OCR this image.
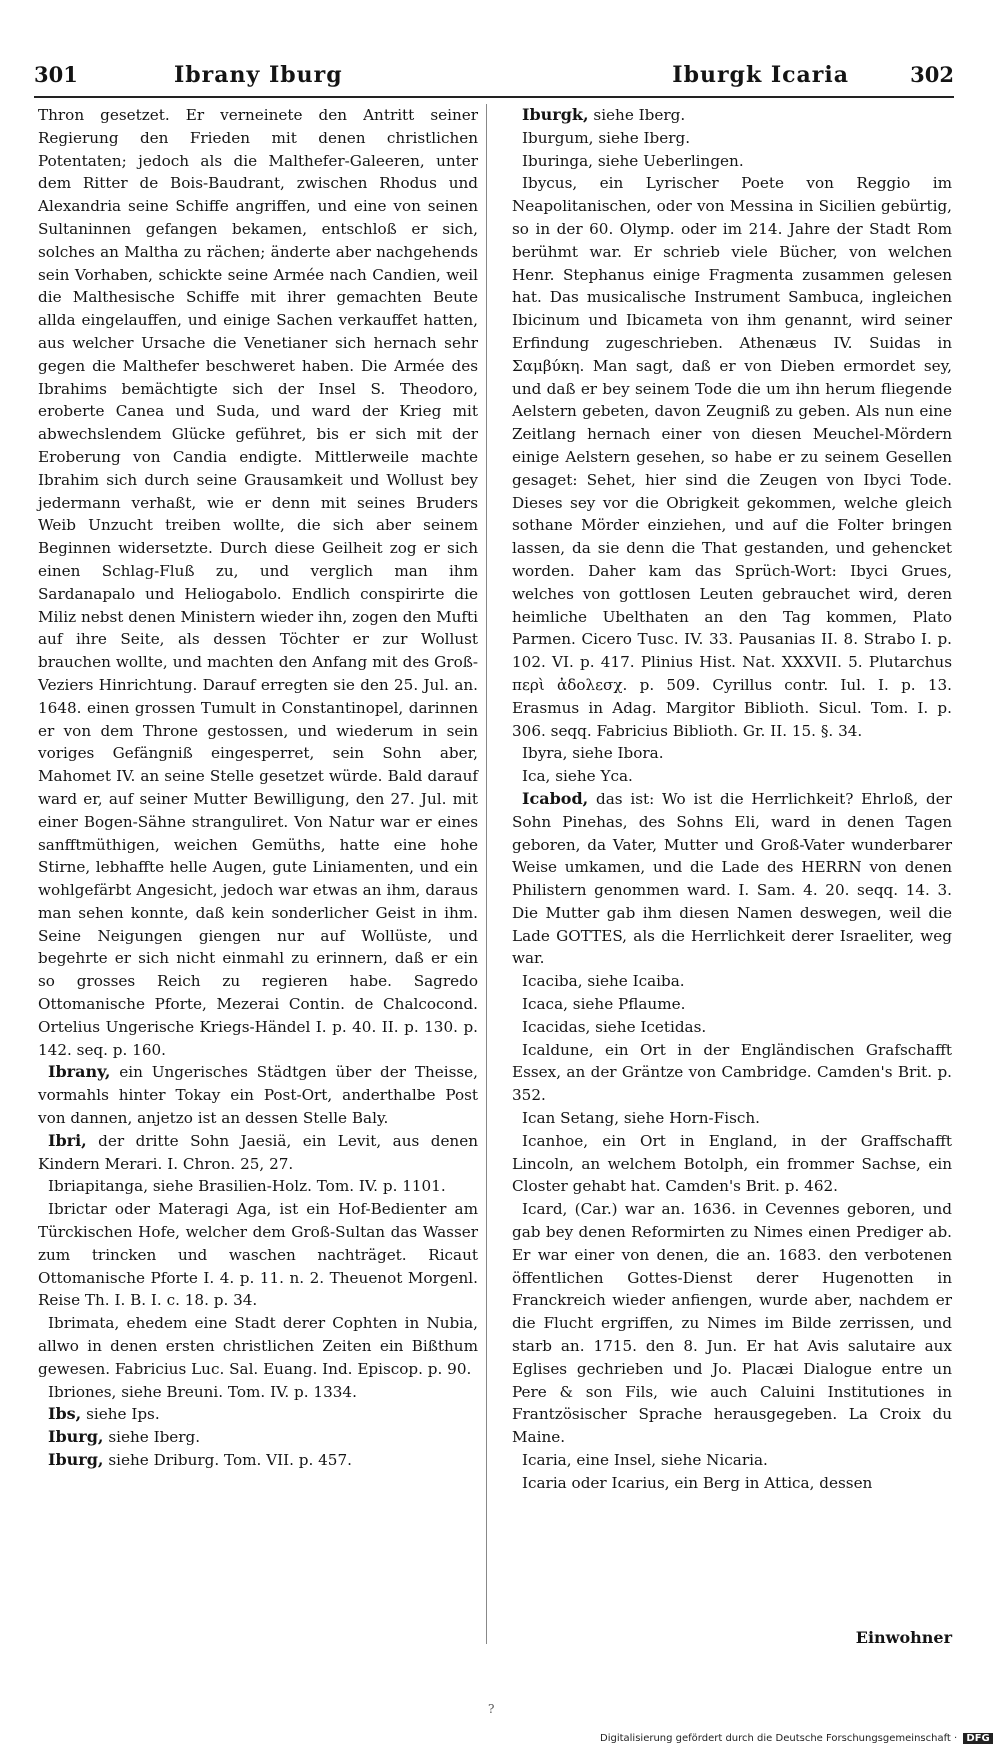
301	Ibrany Iburg	Iburgk Icaria	302

Thron gesetzet. Er verneinete den Antritt seiner Regierung den Frieden mit denen christlichen Potentaten; jedoch als die Malthefer-Galeeren, unter dem Ritter de Bois-Baudrant, zwischen Rhodus und Alexandria seine Schiffe angriffen, und eine von seinen Sultaninnen gefangen bekamen, entschloß er sich, solches an Maltha zu rächen; änderte aber nachgehends sein Vorhaben, schickte seine Armée nach Candien, weil die Malthesische Schiffe mit ihrer gemachten Beute allda eingelauffen, und einige Sachen verkauffet hatten, aus welcher Ursache die Venetianer sich hernach sehr gegen die Malthefer beschweret haben. Die Armée des Ibrahims bemächtigte sich der Insel S. Theodoro, eroberte Canea und Suda, und ward der Krieg mit abwechslendem Glücke geführet, bis er sich mit der Eroberung von Candia endigte. Mittlerweile machte Ibrahim sich durch seine Grausamkeit und Wollust bey jedermann verhaßt, wie er denn mit seines Bruders Weib Unzucht treiben wollte, die sich aber seinem Beginnen widersetzte. Durch diese Geilheit zog er sich einen Schlag-Fluß zu, und verglich man ihm Sardanapalo und Heliogabolo. Endlich conspirirte die Miliz nebst denen Ministern wieder ihn, zogen den Mufti auf ihre Seite, als dessen Töchter er zur Wollust brauchen wollte, und machten den Anfang mit des Groß-Veziers Hinrichtung. Darauf erregten sie den 25. Jul. an. 1648. einen grossen Tumult in Constantinopel, darinnen er von dem Throne gestossen, und wiederum in sein voriges Gefängniß eingesperret, sein Sohn aber, Mahomet IV. an seine Stelle gesetzet würde. Bald darauf ward er, auf seiner Mutter Bewilligung, den 27. Jul. mit einer Bogen-Sähne stranguliret. Von Natur war er eines sanfftmüthigen, weichen Gemüths, hatte eine hohe Stirne, lebhaffte helle Augen, gute Liniamenten, und ein wohlgefärbt Angesicht, jedoch war etwas an ihm, daraus man sehen konnte, daß kein sonderlicher Geist in ihm. Seine Neigungen giengen nur auf Wollüste, und begehrte er sich nicht einmahl zu erinnern, daß er ein so grosses Reich zu regieren habe. Sagredo Ottomanische Pforte, Mezerai Contin. de Chalcocond. Ortelius Ungerische Kriegs-Händel I. p. 40. II. p. 130. p. 142. seq. p. 160.

Ibrany, ein Ungerisches Städtgen über der Theisse, vormahls hinter Tokay ein Post-Ort, anderthalbe Post von dannen, anjetzo ist an dessen Stelle Baly.

Ibri, der dritte Sohn Jaesiä, ein Levit, aus denen Kindern Merari. I. Chron. 25, 27.

Ibriapitanga, siehe Brasilien-Holz. Tom. IV. p. 1101.

Ibrictar oder Materagi Aga, ist ein Hof-Bedienter am Türckischen Hofe, welcher dem Groß-Sultan das Wasser zum trincken und waschen nachträget. Ricaut Ottomanische Pforte I. 4. p. 11. n. 2. Theuenot Morgenl. Reise Th. I. B. I. c. 18. p. 34.

Ibrimata, ehedem eine Stadt derer Cophten in Nubia, allwo in denen ersten christlichen Zeiten ein Bißthum gewesen. Fabricius Luc. Sal. Euang. Ind. Episcop. p. 90.

Ibriones, siehe Breuni. Tom. IV. p. 1334.

Ibs, siehe Ips.

Iburg, siehe Iberg.

Iburg, siehe Driburg. Tom. VII. p. 457.

Iburgk, siehe Iberg.

Iburgum, siehe Iberg.

Iburinga, siehe Ueberlingen.

Ibycus, ein Lyrischer Poete von Reggio im Neapolitanischen, oder von Messina in Sicilien gebürtig, so in der 60. Olymp. oder im 214. Jahre der Stadt Rom berühmt war. Er schrieb viele Bücher, von welchen Henr. Stephanus einige Fragmenta zusammen gelesen hat. Das musicalische Instrument Sambuca, ingleichen Ibicinum und Ibicameta von ihm genannt, wird seiner Erfindung zugeschrieben. Athenæus IV. Suidas in Σαμβύκη. Man sagt, daß er von Dieben ermordet sey, und daß er bey seinem Tode die um ihn herum fliegende Aelstern gebeten, davon Zeugniß zu geben. Als nun eine Zeitlang hernach einer von diesen Meuchel-Mördern einige Aelstern gesehen, so habe er zu seinem Gesellen gesaget: Sehet, hier sind die Zeugen von Ibyci Tode. Dieses sey vor die Obrigkeit gekommen, welche gleich sothane Mörder einziehen, und auf die Folter bringen lassen, da sie denn die That gestanden, und gehencket worden. Daher kam das Sprüch-Wort: Ibyci Grues, welches von gottlosen Leuten gebrauchet wird, deren heimliche Ubelthaten an den Tag kommen, Plato Parmen. Cicero Tusc. IV. 33. Pausanias II. 8. Strabo I. p. 102. VI. p. 417. Plinius Hist. Nat. XXXVII. 5. Plutarchus περὶ ἀδολεσχ. p. 509. Cyrillus contr. Iul. I. p. 13. Erasmus in Adag. Margitor Biblioth. Sicul. Tom. I. p. 306. seqq. Fabricius Biblioth. Gr. II. 15. §. 34.

Ibyra, siehe Ibora.

Ica, siehe Yca.

Icabod, das ist: Wo ist die Herrlichkeit? Ehrloß, der Sohn Pinehas, des Sohns Eli, ward in denen Tagen geboren, da Vater, Mutter und Groß-Vater wunderbarer Weise umkamen, und die Lade des HERRN von denen Philistern genommen ward. I. Sam. 4. 20. seqq. 14. 3. Die Mutter gab ihm diesen Namen deswegen, weil die Lade GOTTES, als die Herrlichkeit derer Israeliter, weg war.

Icaciba, siehe Icaiba.

Icaca, siehe Pflaume.

Icacidas, siehe Icetidas.

Icaldune, ein Ort in der Engländischen Grafschafft Essex, an der Gräntze von Cambridge. Camden's Brit. p. 352.

Ican Setang, siehe Horn-Fisch.

Icanhoe, ein Ort in England, in der Graffschafft Lincoln, an welchem Botolph, ein frommer Sachse, ein Closter gehabt hat. Camden's Brit. p. 462.

Icard, (Car.) war an. 1636. in Cevennes geboren, und gab bey denen Reformirten zu Nimes einen Prediger ab. Er war einer von denen, die an. 1683. den verbotenen öffentlichen Gottes-Dienst derer Hugenotten in Franckreich wieder anfiengen, wurde aber, nachdem er die Flucht ergriffen, zu Nimes im Bilde zerrissen, und starb an. 1715. den 8. Jun. Er hat Avis salutaire aux Eglises gechrieben und Jo. Placæi Dialogue entre un Pere & son Fils, wie auch Caluini Institutiones in Frantzösischer Sprache herausgegeben. La Croix du Maine.

Icaria, eine Insel, siehe Nicaria.

Icaria oder Icarius, ein Berg in Attica, dessen

Einwohner
?
Digitalisierung gefördert durch die Deutsche Forschungsgemeinschaft · DFG
